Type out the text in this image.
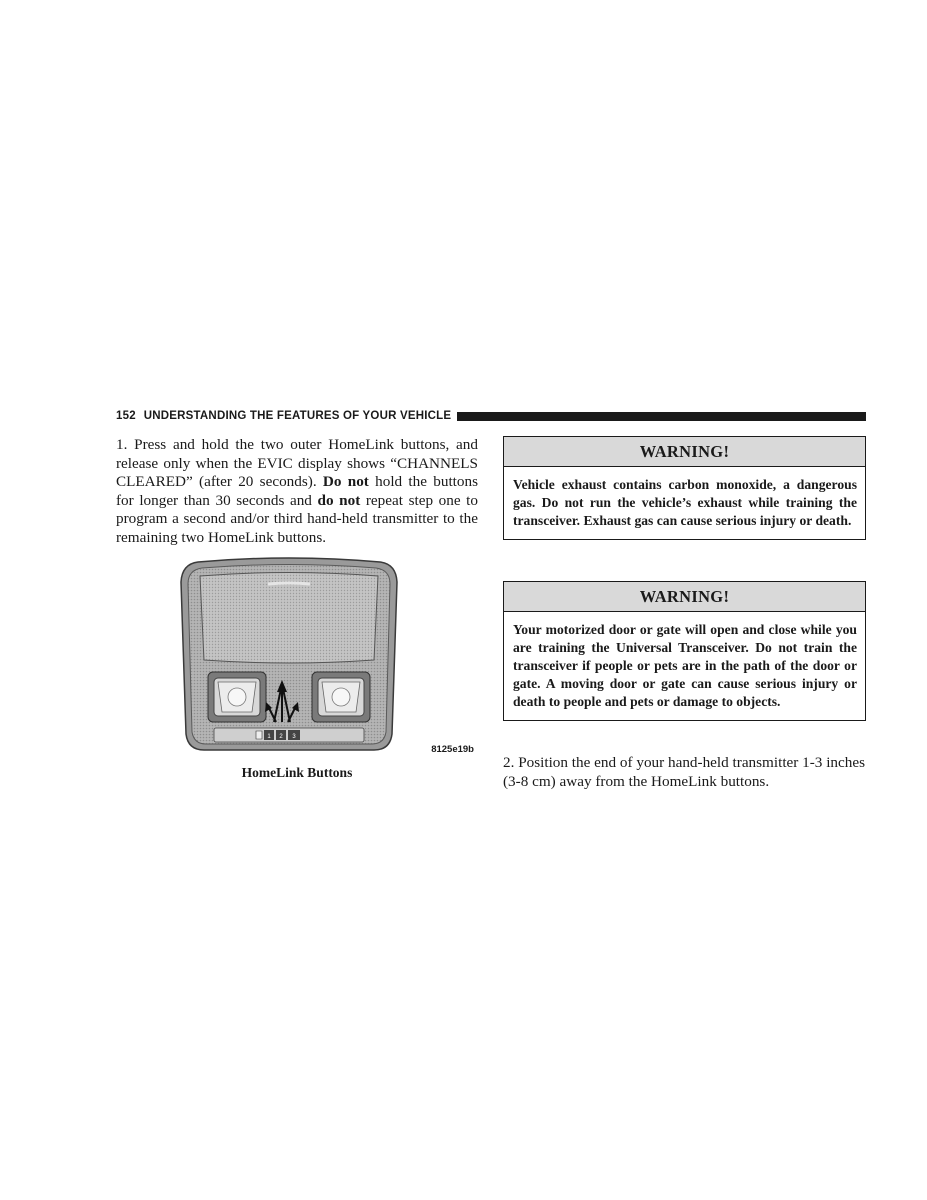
152 UNDERSTANDING THE FEATURES OF YOUR VEHICLE

1. Press and hold the two outer HomeLink buttons, and release only when the EVIC display shows “CHANNELS CLEARED” (after 20 seconds). Do not hold the buttons for longer than 30 seconds and do not repeat step one to program a second and/or third hand-held transmitter to the remaining two HomeLink buttons.

1 2 3
8125e19b
HomeLink Buttons
WARNING!
Vehicle exhaust contains carbon monoxide, a dangerous gas. Do not run the vehicle’s exhaust while training the transceiver. Exhaust gas can cause serious injury or death.
WARNING!
Your motorized door or gate will open and close while you are training the Universal Transceiver. Do not train the transceiver if people or pets are in the path of the door or gate. A moving door or gate can cause serious injury or death to people and pets or damage to objects.

2. Position the end of your hand-held transmitter 1-3 inches (3-8 cm) away from the HomeLink buttons.
